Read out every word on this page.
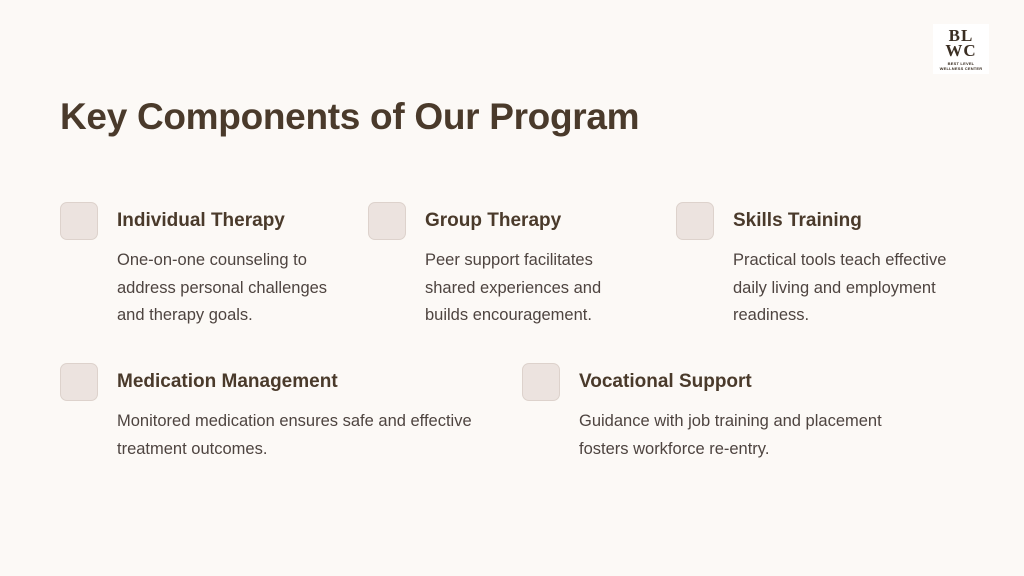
BL
WC
BEST LEVEL
WELLNESS CENTER
Key Components of Our Program
Individual Therapy

One-on-one counseling to address personal challenges and therapy goals.

Group Therapy

Peer support facilitates shared experiences and builds encouragement.

Skills Training

Practical tools teach effective daily living and employment readiness.

Medication Management

Monitored medication ensures safe and effective treatment outcomes.

Vocational Support

Guidance with job training and placement fosters workforce re-entry.
